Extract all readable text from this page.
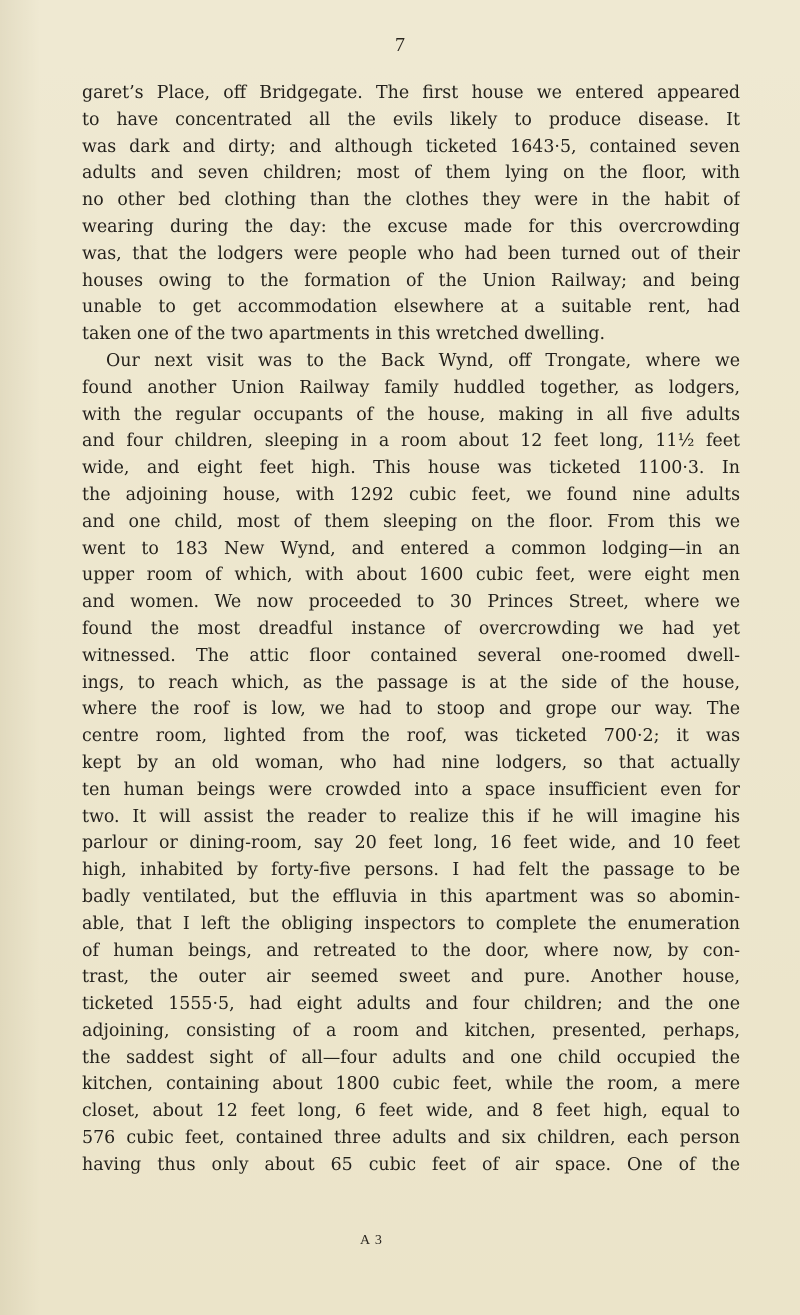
7
garet’s Place, off Bridgegate. The first house we entered appeared
to have concentrated all the evils likely to produce disease. It
was dark and dirty; and although ticketed 1643·5, contained seven
adults and seven children; most of them lying on the floor, with
no other bed clothing than the clothes they were in the habit of
wearing during the day: the excuse made for this overcrowding
was, that the lodgers were people who had been turned out of their
houses owing to the formation of the Union Railway; and being
unable to get accommodation elsewhere at a suitable rent, had
taken one of the two apartments in this wretched dwelling.
Our next visit was to the Back Wynd, off Trongate, where we
found another Union Railway family huddled together, as lodgers,
with the regular occupants of the house, making in all five adults
and four children, sleeping in a room about 12 feet long, 11½ feet
wide, and eight feet high. This house was ticketed 1100·3. In
the adjoining house, with 1292 cubic feet, we found nine adults
and one child, most of them sleeping on the floor. From this we
went to 183 New Wynd, and entered a common lodging—in an
upper room of which, with about 1600 cubic feet, were eight men
and women. We now proceeded to 30 Princes Street, where we
found the most dreadful instance of overcrowding we had yet
witnessed. The attic floor contained several one-roomed dwell-
ings, to reach which, as the passage is at the side of the house,
where the roof is low, we had to stoop and grope our way. The
centre room, lighted from the roof, was ticketed 700·2; it was
kept by an old woman, who had nine lodgers, so that actually
ten human beings were crowded into a space insufficient even for
two. It will assist the reader to realize this if he will imagine his
parlour or dining-room, say 20 feet long, 16 feet wide, and 10 feet
high, inhabited by forty-five persons. I had felt the passage to be
badly ventilated, but the effluvia in this apartment was so abomin-
able, that I left the obliging inspectors to complete the enumeration
of human beings, and retreated to the door, where now, by con-
trast, the outer air seemed sweet and pure. Another house,
ticketed 1555·5, had eight adults and four children; and the one
adjoining, consisting of a room and kitchen, presented, perhaps,
the saddest sight of all—four adults and one child occupied the
kitchen, containing about 1800 cubic feet, while the room, a mere
closet, about 12 feet long, 6 feet wide, and 8 feet high, equal to
576 cubic feet, contained three adults and six children, each person
having thus only about 65 cubic feet of air space. One of the
A 3
